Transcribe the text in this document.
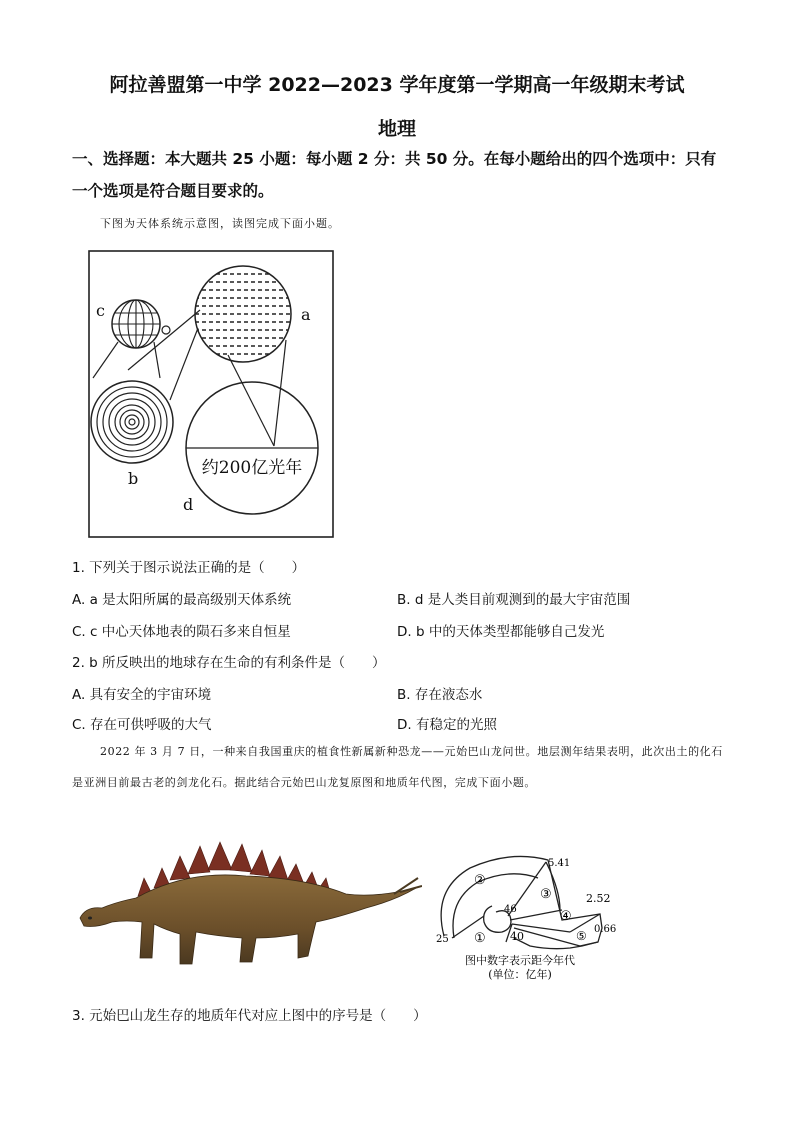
阿拉善盟第一中学 2022—2023 学年度第一学期高一年级期末考试
地理
一、选择题：本大题共 25 小题：每小题 2 分：共 50 分。在每小题给出的四个选项中：只有一个选项是符合题目要求的。
下图为天体系统示意图，读图完成下面小题。
约200亿光年
c	a
b
d
1. 下列关于图示说法正确的是（　　）
A. a 是太阳所属的最高级别天体系统	B. d 是人类目前观测到的最大宇宙范围
C. c 中心天体地表的陨石多来自恒星	D. b 中的天体类型都能够自己发光
2. b 所反映出的地球存在生命的有利条件是（　　）
A. 具有安全的宇宙环境	B. 存在液态水
C. 存在可供呼吸的大气	D. 有稳定的光照
2022 年 3 月 7 日，一种来自我国重庆的植食性新属新种恐龙——元始巴山龙问世。地层测年结果表明，此次出土的化石是亚洲目前最古老的剑龙化石。据此结合元始巴山龙复原图和地质年代图，完成下面小题。
②
③
④
⑤
①
5.41
2.52
0.66
46
40
25
图中数字表示距今年代
(单位：亿年)
3. 元始巴山龙生存的地质年代对应上图中的序号是（　　）
